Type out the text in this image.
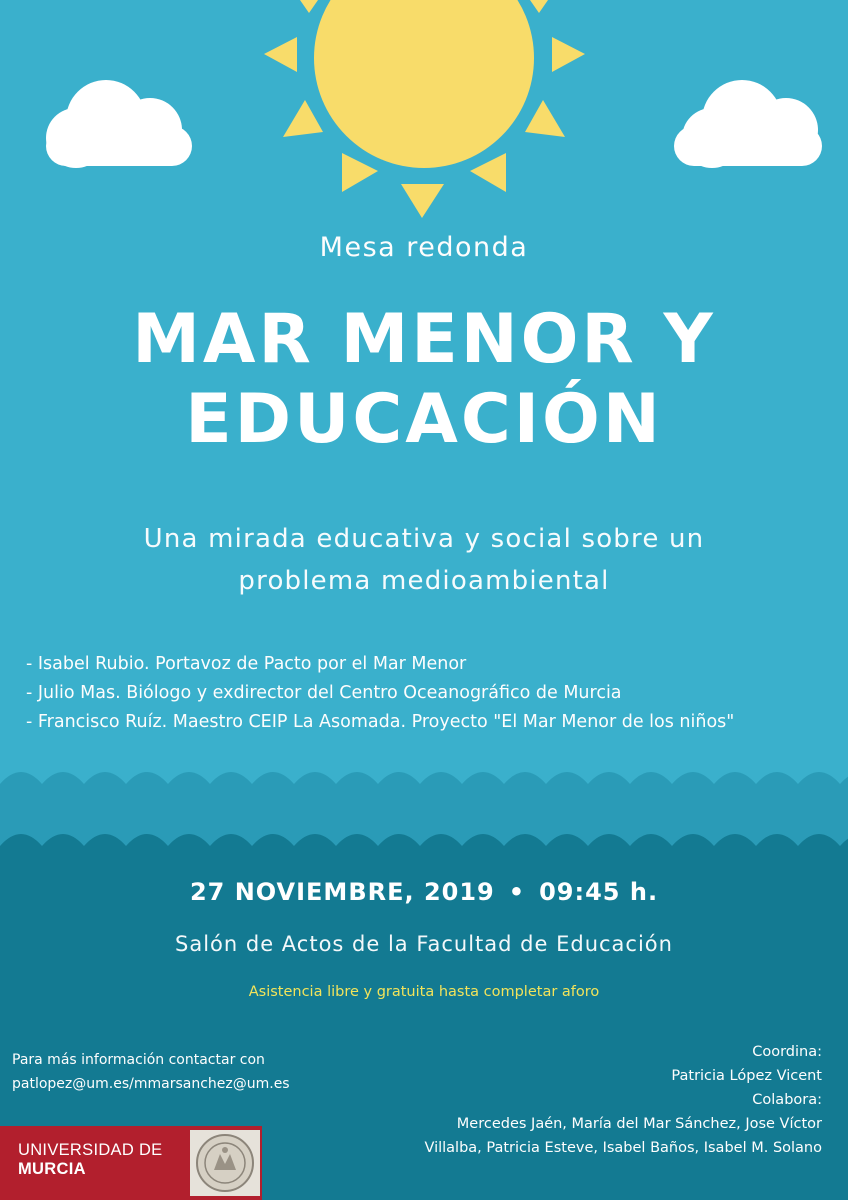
Mesa redonda
MAR MENOR Y
EDUCACIÓN
Una mirada educativa y social sobre un
problema medioambiental
- Isabel Rubio. Portavoz de Pacto por el Mar Menor
- Julio Mas. Biólogo y exdirector del Centro Oceanográfico de Murcia
- Francisco Ruíz. Maestro CEIP La Asomada. Proyecto "El Mar Menor de los niños"
27 NOVIEMBRE, 2019 • 09:45 h.
Salón de Actos de la Facultad de Educación
Asistencia libre y gratuita hasta completar aforo
Para más información contactar con
patlopez@um.es/mmarsanchez@um.es
Coordina:
Patricia López Vicent
Colabora:
Mercedes Jaén, María del Mar Sánchez, Jose Víctor
Villalba, Patricia Esteve, Isabel Baños, Isabel M. Solano
UNIVERSIDAD DE
MURCIA
